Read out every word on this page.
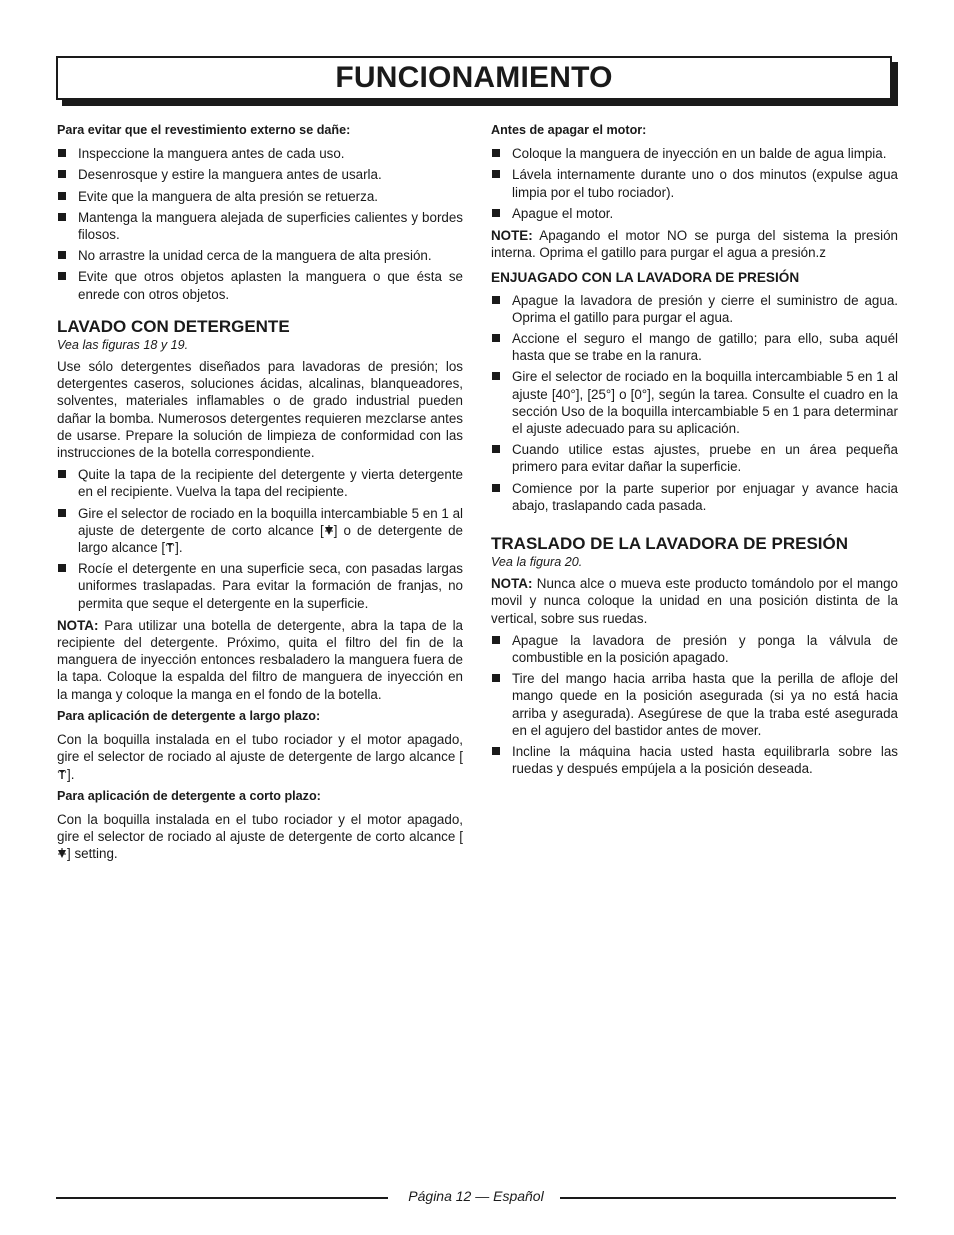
FUNCIONAMIENTO

Para evitar que el revestimiento externo se dañe:

Inspeccione la manguera antes de cada uso.
Desenrosque y estire la manguera antes de usarla.
Evite que la manguera de alta presión se retuerza.
Mantenga la manguera alejada de superficies calientes y bordes filosos.
No arrastre la unidad cerca de la manguera de alta presión.
Evite que otros objetos aplasten la manguera o que ésta se enrede con otros objetos.
LAVADO CON DETERGENTE

Vea las figuras 18 y 19.

Use sólo detergentes diseñados para lavadoras de presión; los detergentes caseros, soluciones ácidas, alcalinas, blanqueadores, solventes, materiales inflamables o de grado industrial pueden dañar la bomba. Numerosos detergentes requieren mezclarse antes de usarse. Prepare la solución de limpieza de conformidad con las instrucciones de la botella correspondiente.

Quite la tapa de la recipiente del detergente y vierta detergente en el recipiente. Vuelva la tapa del recipiente.
Gire el selector de rociado en la boquilla intercambiable 5 en 1 al ajuste de detergente de corto alcance [ ] o de detergente de largo alcance [ ].
Rocíe el detergente en una superficie seca, con pasadas largas uniformes traslapadas. Para evitar la formación de franjas, no permita que seque el detergente en la superficie.

NOTA: Para utilizar una botella de detergente, abra la tapa de la recipiente del detergente. Próximo, quita el filtro del fin de la manguera de inyección entonces resbaladero la manguera fuera de la tapa. Coloque la espalda del filtro de manguera de inyección en la manga y coloque la manga en el fondo de la botella.

Para aplicación de detergente a largo plazo:

Con la boquilla instalada en el tubo rociador y el motor apagado, gire el selector de rociado al ajuste de detergente de largo alcance [].

Para aplicación de detergente a corto plazo:

Con la boquilla instalada en el tubo rociador y el motor apagado, gire el selector de rociado al ajuste de detergente de corto alcance [] setting.

Antes de apagar el motor:

Coloque la manguera de inyección en un balde de agua limpia.
Lávela internamente durante uno o dos minutos (expulse agua limpia por el tubo rociador).
Apague el motor.

NOTE: Apagando el motor NO se purga del sistema la presión interna. Oprima el gatillo para purgar el agua a presión.z

ENJUAGADO CON LA LAVADORA DE PRESIÓN

Apague la lavadora de presión y cierre el suministro de agua. Oprima el gatillo para purgar el agua.
Accione el seguro el mango de gatillo; para ello, suba aquél hasta que se trabe en la ranura.
Gire el selector de rociado en la boquilla intercambiable 5 en 1 al ajuste [40°], [25°] o [0°], según la tarea. Consulte el cuadro en la sección Uso de la boquilla intercambiable 5 en 1 para determinar el ajuste adecuado para su aplicación.
Cuando utilice estas ajustes, pruebe en un área pequeña primero para evitar dañar la superficie.
Comience por la parte superior por enjuagar y avance hacia abajo, traslapando cada pasada.
TRASLADO DE LA LAVADORA DE PRESIÓN

Vea la figura 20.

NOTA: Nunca alce o mueva este producto tomándolo por el mango movil y nunca coloque la unidad en una posición distinta de la vertical, sobre sus ruedas.

Apague la lavadora de presión y ponga la válvula de combustible en la posición apagado.
Tire del mango hacia arriba hasta que la perilla de afloje del mango quede en la posición asegurada (si ya no está hacia arriba y asegurada). Asegúrese de que la traba esté asegurada en el agujero del bastidor antes de mover.
Incline la máquina hacia usted hasta equilibrarla sobre las ruedas y después empújela a la posición deseada.
Página 12 — Español
